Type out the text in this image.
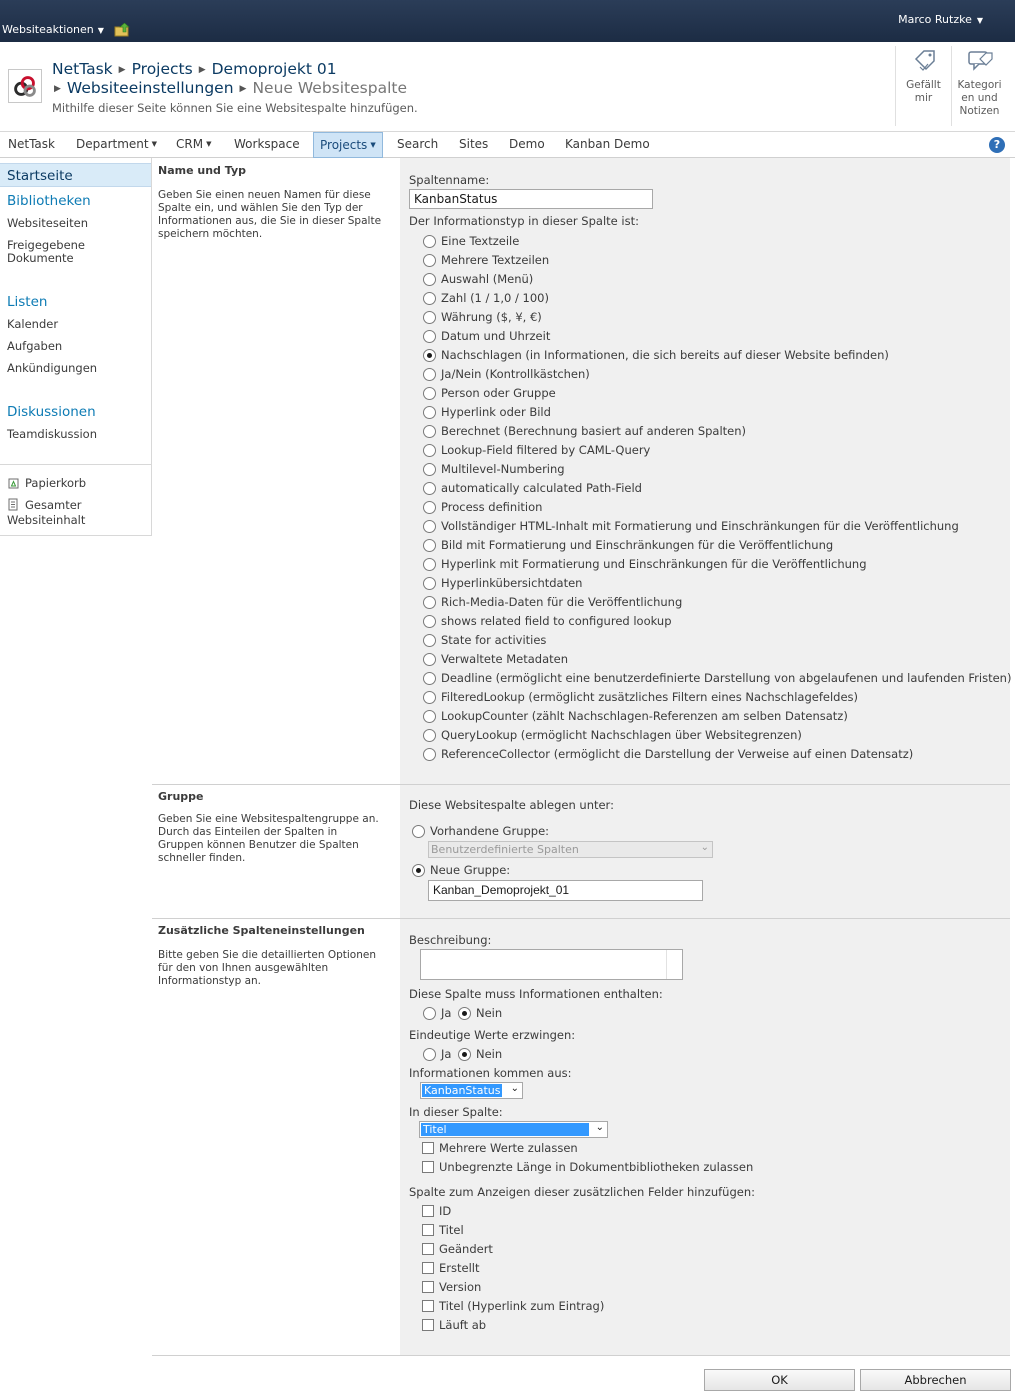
Websiteaktionen ▼
Marco Rutzke ▼
NetTask ▶ Projects ▶ Demoprojekt 01
▶ Websiteeinstellungen ▶ Neue Websitespalte
Mithilfe dieser Seite können Sie eine Websitespalte hinzufügen.
Gefällt
mir
Kategori
en und
Notizen
NetTask	Department ▼	CRM ▼	Workspace	Projects ▼	Search	Sites	Demo	Kanban Demo	?
Startseite
Bibliotheken
Websiteseiten
Freigegebene
Dokumente
Listen
Kalender
Aufgaben
Ankündigungen
Diskussionen
Teamdiskussion
Papierkorb
Gesamter
Websiteinhalt
Name und Typ
Geben Sie einen neuen Namen für diese Spalte ein, und wählen Sie den Typ der Informationen aus, die Sie in dieser Spalte speichern möchten.
Spaltenname:
KanbanStatus
Der Informationstyp in dieser Spalte ist:
Eine Textzeile
Mehrere Textzeilen
Auswahl (Menü)
Zahl (1 / 1,0 / 100)
Währung ($, ¥, €)
Datum und Uhrzeit
Nachschlagen (in Informationen, die sich bereits auf dieser Website befinden)
Ja/Nein (Kontrollkästchen)
Person oder Gruppe
Hyperlink oder Bild
Berechnet (Berechnung basiert auf anderen Spalten)
Lookup-Field filtered by CAML-Query
Multilevel-Numbering
automatically calculated Path-Field
Process definition
Vollständiger HTML-Inhalt mit Formatierung und Einschränkungen für die Veröffentlichung
Bild mit Formatierung und Einschränkungen für die Veröffentlichung
Hyperlink mit Formatierung und Einschränkungen für die Veröffentlichung
Hyperlinkübersichtdaten
Rich-Media-Daten für die Veröffentlichung
shows related field to configured lookup
State for activities
Verwaltete Metadaten
Deadline (ermöglicht eine benutzerdefinierte Darstellung von abgelaufenen und laufenden Fristen)
FilteredLookup (ermöglicht zusätzliches Filtern eines Nachschlagefeldes)
LookupCounter (zählt Nachschlagen-Referenzen am selben Datensatz)
QueryLookup (ermöglicht Nachschlagen über Websitegrenzen)
ReferenceCollector (ermöglicht die Darstellung der Verweise auf einen Datensatz)
Gruppe
Geben Sie eine Websitespaltengruppe an. Durch das Einteilen der Spalten in Gruppen können Benutzer die Spalten schneller finden.
Diese Websitespalte ablegen unter:
Vorhandene Gruppe:
Benutzerdefinierte Spalten	⌄
Neue Gruppe:
Kanban_Demoprojekt_01
Zusätzliche Spalteneinstellungen
Bitte geben Sie die detaillierten Optionen für den von Ihnen ausgewählten Informationstyp an.
Beschreibung:
Diese Spalte muss Informationen enthalten:
Ja	Nein
Eindeutige Werte erzwingen:
Ja	Nein
Informationen kommen aus:
KanbanStatus ⌄
In dieser Spalte:
Titel	⌄
Mehrere Werte zulassen
Unbegrenzte Länge in Dokumentbibliotheken zulassen
Spalte zum Anzeigen dieser zusätzlichen Felder hinzufügen:
ID
Titel
Geändert
Erstellt
Version
Titel (Hyperlink zum Eintrag)
Läuft ab
OK	Abbrechen
